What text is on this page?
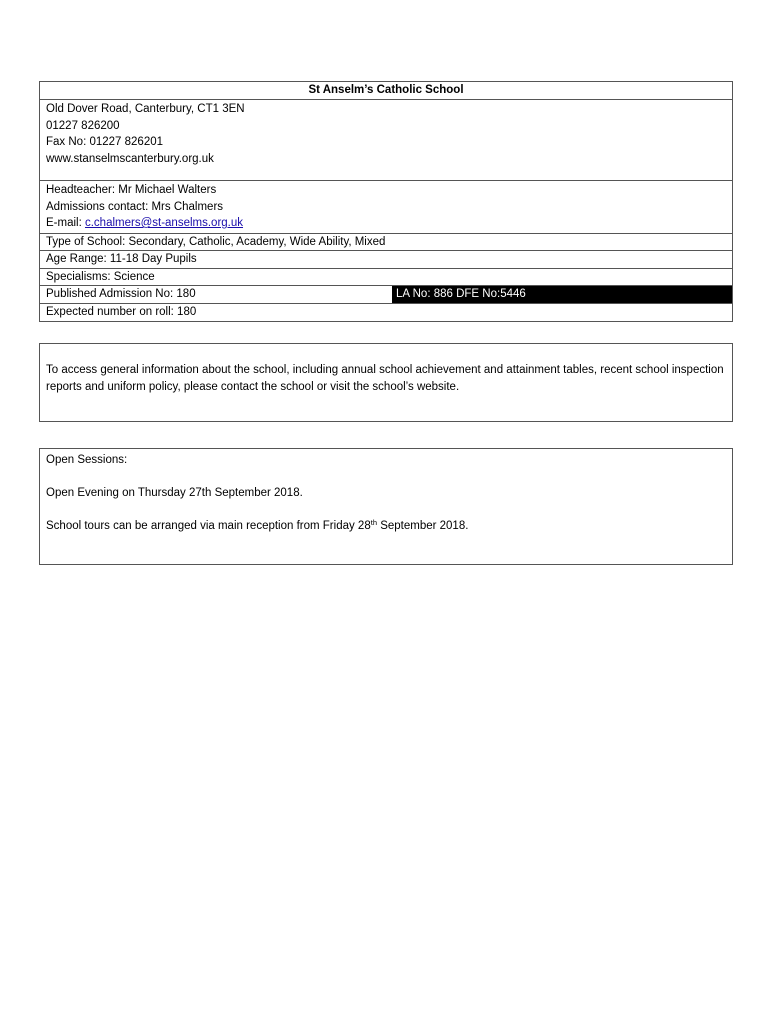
St Anselm’s Catholic School
Old Dover Road, Canterbury, CT1 3EN
01227 826200
Fax No: 01227 826201
www.stanselmscanterbury.org.uk
Headteacher: Mr Michael Walters
Admissions contact: Mrs Chalmers
E-mail: c.chalmers@st-anselms.org.uk
Type of School: Secondary, Catholic, Academy, Wide Ability, Mixed
Age Range: 11-18 Day Pupils
Specialisms: Science
Published Admission No: 180	LA No: 886 DFE No:5446
Expected number on roll: 180
To access general information about the school, including annual school achievement and attainment tables, recent school inspection reports and uniform policy, please contact the school or visit the school’s website.

Open Sessions:

Open Evening on Thursday 27th September 2018.

School tours can be arranged via main reception from Friday 28th September 2018.
